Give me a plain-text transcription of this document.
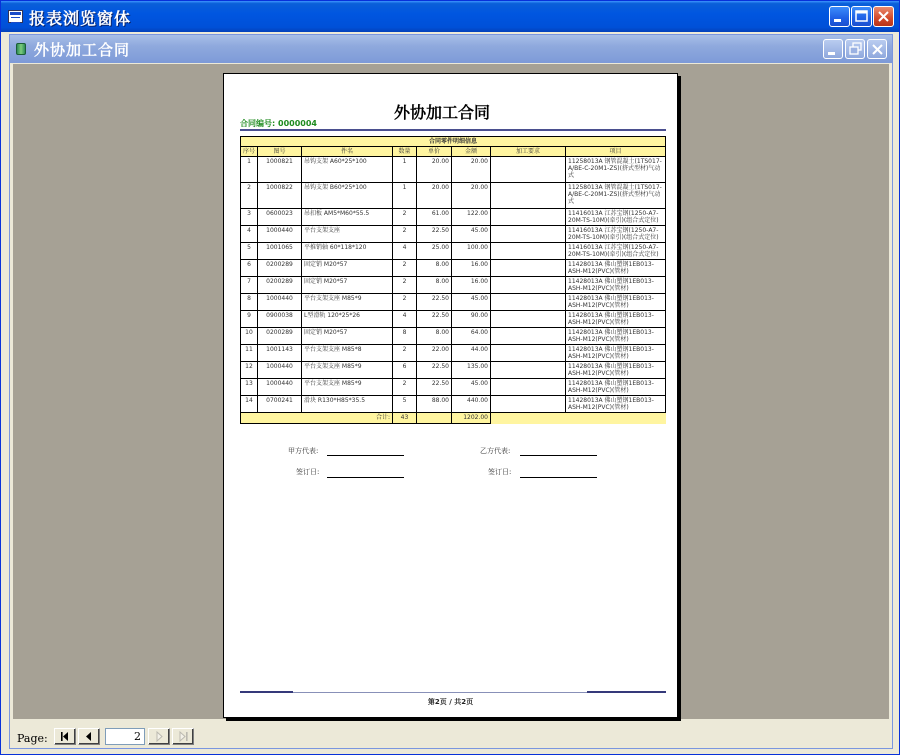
报表浏览窗体
外协加工合同
合同编号: 0000004
外协加工合同
合同零件明细信息							
序号	图号	件名	数量	单价	金额	加工要求	项目
1	1000821	吊钩支架 A60*25*100	1	20.00	20.00		11258013A 钢管混凝土(1TS017-A/BE-C-20M1-ZS)(挤式型材)气动式
2	1000822	吊钩支架 B60*25*100	1	20.00	20.00		11258013A 钢管混凝土(1TS017-A/BE-C-20M1-ZS)(挤式型材)气动式
3	0600023	吊扣板 AM5*M60*55.5	2	61.00	122.00		11416013A 江苏宝钢(1250-A7-20M-TS-10M)(牵引)(组合式定位)
4	1000440	平台支架支座	2	22.50	45.00		11416013A 江苏宝钢(1250-A7-20M-TS-10M)(牵引)(组合式定位)
5	1001065	平推销轴 60*118*120	4	25.00	100.00		11416013A 江苏宝钢(1250-A7-20M-TS-10M)(牵引)(组合式定位)
6	0200289	固定销 M20*57	2	8.00	16.00		11428013A 佛山塑钢1EB013-ASH-M12(PVC)(管材)
7	0200289	固定销 M20*57	2	8.00	16.00		11428013A 佛山塑钢1EB013-ASH-M12(PVC)(管材)
8	1000440	平台支架支座 M85*9	2	22.50	45.00		11428013A 佛山塑钢1EB013-ASH-M12(PVC)(管材)
9	0900038	L型滑轨 120*25*26	4	22.50	90.00		11428013A 佛山塑钢1EB013-ASH-M12(PVC)(管材)
10	0200289	固定销 M20*57	8	8.00	64.00		11428013A 佛山塑钢1EB013-ASH-M12(PVC)(管材)
11	1001143	平台支架支座 M85*8	2	22.00	44.00		11428013A 佛山塑钢1EB013-ASH-M12(PVC)(管材)
12	1000440	平台支架支座 M85*9	6	22.50	135.00		11428013A 佛山塑钢1EB013-ASH-M12(PVC)(管材)
13	1000440	平台支架支座 M85*9	2	22.50	45.00		11428013A 佛山塑钢1EB013-ASH-M12(PVC)(管材)
14	0700241	滑块 R130*H85*35.5	5	88.00	440.00		11428013A 佛山塑钢1EB013-ASH-M12(PVC)(管材)
合计:			43		1202.00		
甲方代表:	乙方代表:
签订日:	签订日:
第2页 / 共2页
Page:	2
